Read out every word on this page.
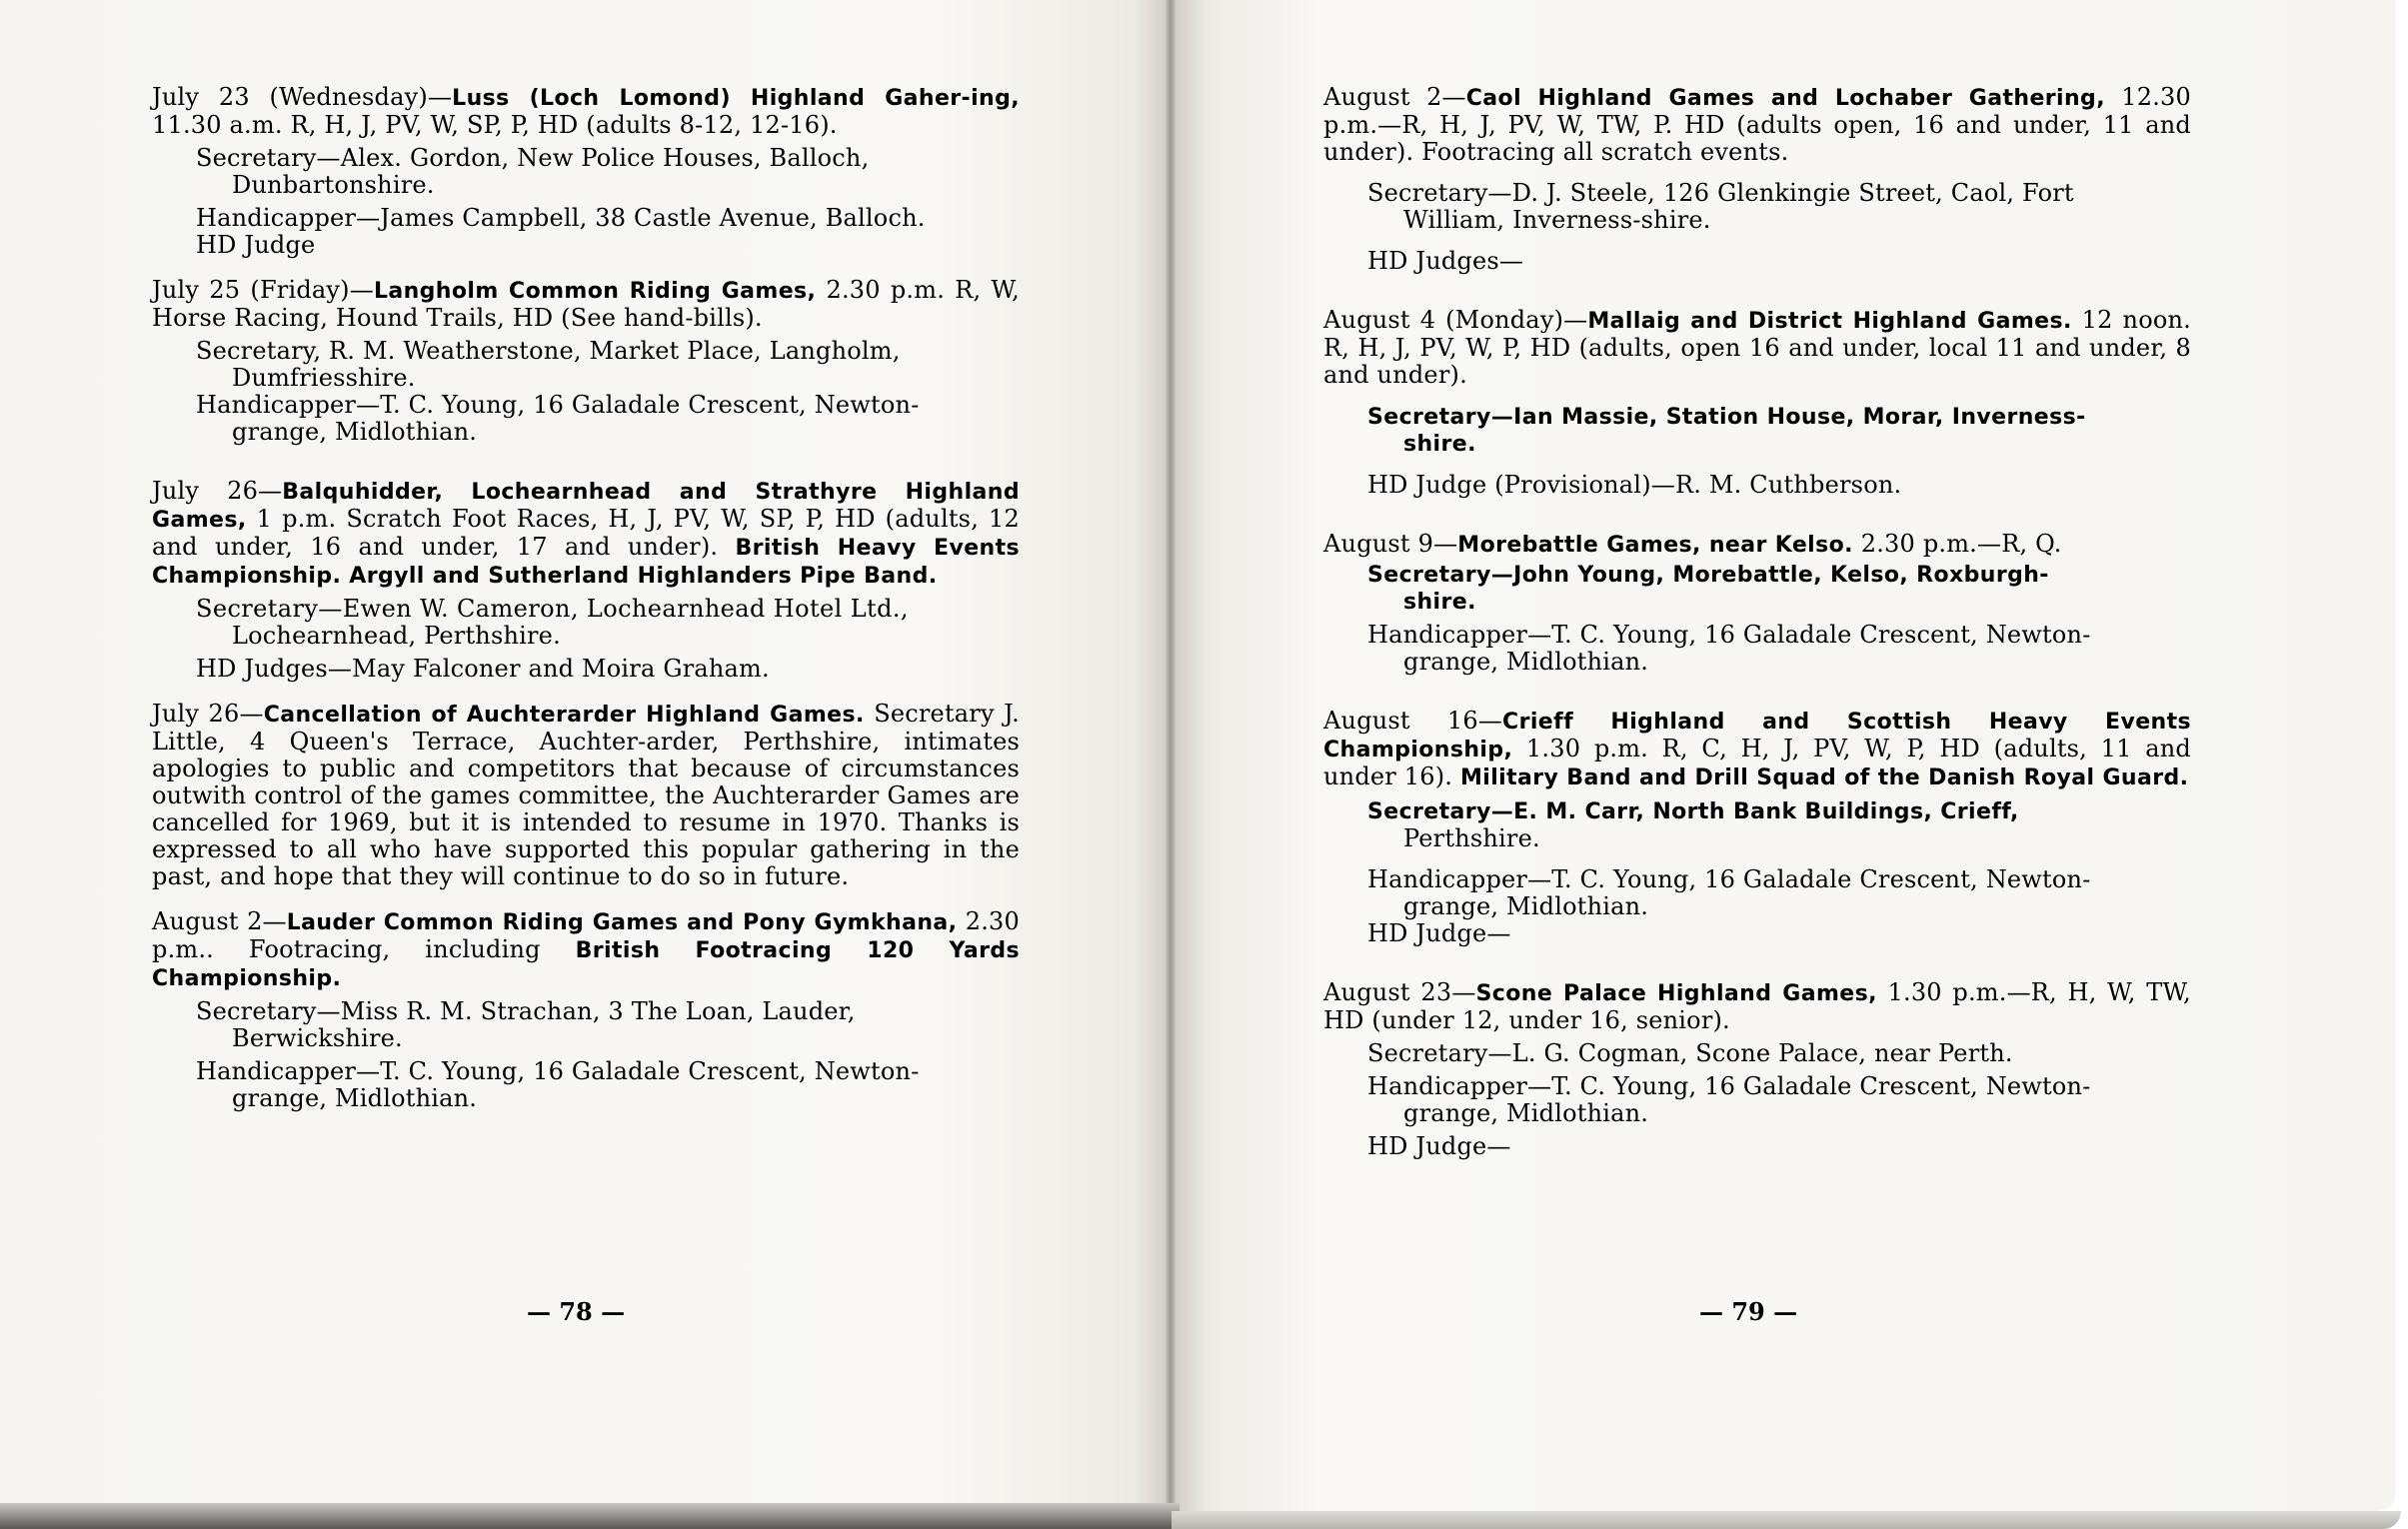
July 23 (Wednesday)—Luss (Loch Lomond) Highland Gaher-ing, 11.30 a.m. R, H, J, PV, W, SP, P, HD (adults 8-12, 12-16).
Secretary—Alex. Gordon, New Police Houses, Balloch,
Dunbartonshire.
Handicapper—James Campbell, 38 Castle Avenue, Balloch.
HD Judge
July 25 (Friday)—Langholm Common Riding Games, 2.30 p.m. R, W, Horse Racing, Hound Trails, HD (See hand-bills).
Secretary, R. M. Weatherstone, Market Place, Langholm,
Dumfriesshire.
Handicapper—T. C. Young, 16 Galadale Crescent, Newton-
grange, Midlothian.
July 26—Balquhidder, Lochearnhead and Strathyre Highland Games, 1 p.m. Scratch Foot Races, H, J, PV, W, SP, P, HD (adults, 12 and under, 16 and under, 17 and under). British Heavy Events Championship. Argyll and Sutherland Highlanders Pipe Band.
Secretary—Ewen W. Cameron, Lochearnhead Hotel Ltd.,
Lochearnhead, Perthshire.
HD Judges—May Falconer and Moira Graham.
July 26—Cancellation of Auchterarder Highland Games. Secretary J. Little, 4 Queen's Terrace, Auchter-arder, Perthshire, intimates apologies to public and competitors that because of circumstances outwith control of the games committee, the Auchterarder Games are cancelled for 1969, but it is intended to resume in 1970. Thanks is expressed to all who have supported this popular gathering in the past, and hope that they will continue to do so in future.
August 2—Lauder Common Riding Games and Pony Gymkhana, 2.30 p.m.. Footracing, including British Footracing 120 Yards Championship.
Secretary—Miss R. M. Strachan, 3 The Loan, Lauder,
Berwickshire.
Handicapper—T. C. Young, 16 Galadale Crescent, Newton-
grange, Midlothian.
— 78 —
August 2—Caol Highland Games and Lochaber Gathering, 12.30 p.m.—R, H, J, PV, W, TW, P. HD (adults open, 16 and under, 11 and under). Footracing all scratch events.
Secretary—D. J. Steele, 126 Glenkingie Street, Caol, Fort
William, Inverness-shire.
HD Judges—
August 4 (Monday)—Mallaig and District Highland Games. 12 noon. R, H, J, PV, W, P, HD (adults, open 16 and under, local 11 and under, 8 and under).
Secretary—Ian Massie, Station House, Morar, Inverness-
shire.
HD Judge (Provisional)—R. M. Cuthberson.
August 9—Morebattle Games, near Kelso. 2.30 p.m.—R, Q.
Secretary—John Young, Morebattle, Kelso, Roxburgh-
shire.
Handicapper—T. C. Young, 16 Galadale Crescent, Newton-
grange, Midlothian.
August 16—Crieff Highland and Scottish Heavy Events Championship, 1.30 p.m. R, C, H, J, PV, W, P, HD (adults, 11 and under 16). Military Band and Drill Squad of the Danish Royal Guard.
Secretary—E. M. Carr, North Bank Buildings, Crieff,
Perthshire.
Handicapper—T. C. Young, 16 Galadale Crescent, Newton-
grange, Midlothian.
HD Judge—
August 23—Scone Palace Highland Games, 1.30 p.m.—R, H, W, TW, HD (under 12, under 16, senior).
Secretary—L. G. Cogman, Scone Palace, near Perth.
Handicapper—T. C. Young, 16 Galadale Crescent, Newton-
grange, Midlothian.
HD Judge—
— 79 —
